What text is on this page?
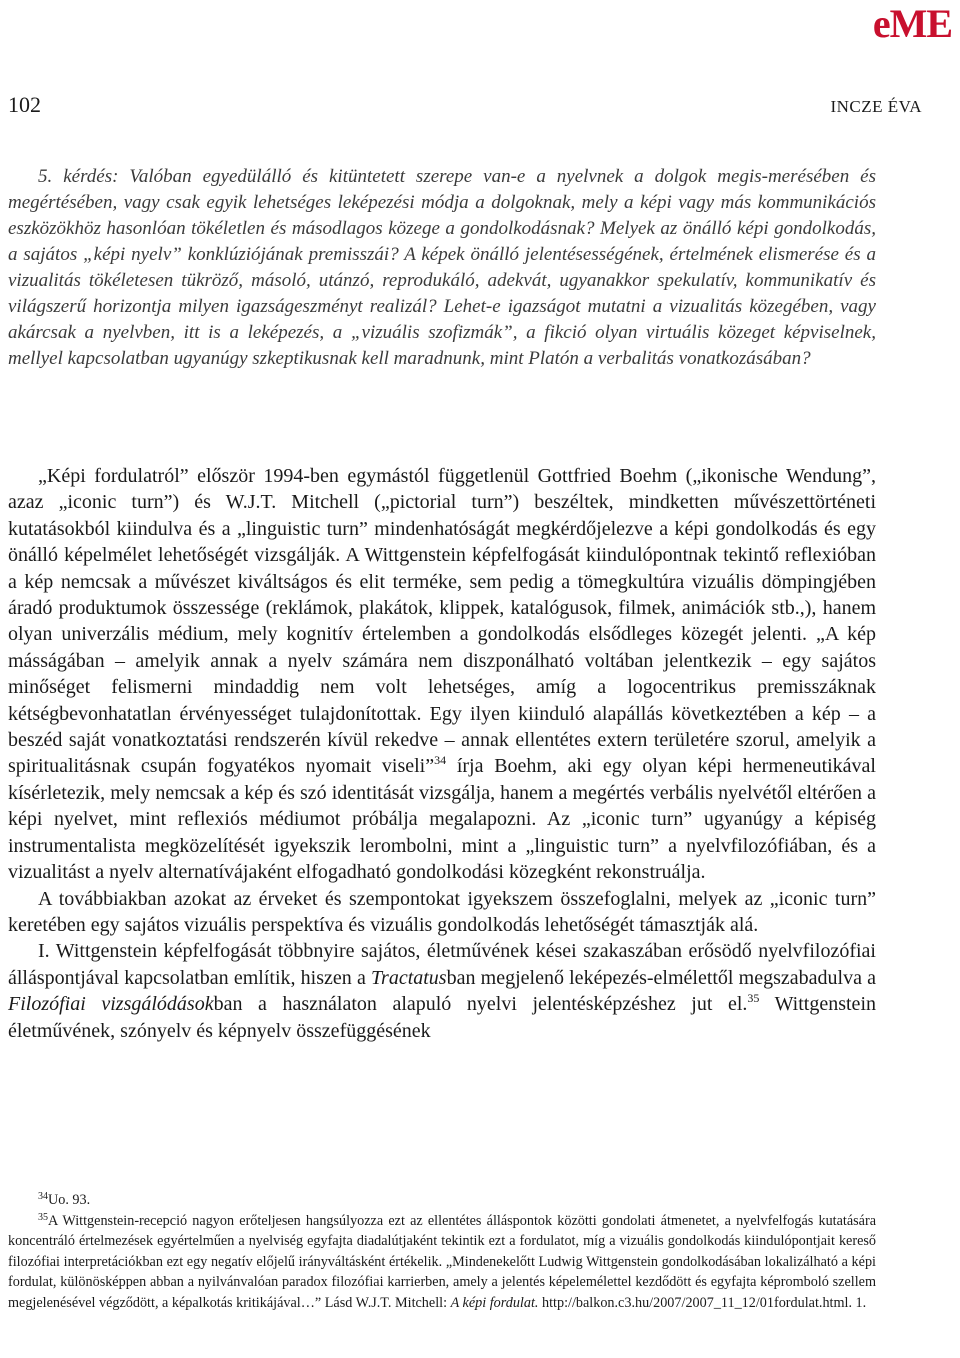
eME
102	INCZE ÉVA

5. kérdés: Valóban egyedülálló és kitüntetett szerepe van-e a nyelvnek a dolgok megis-merésében és megértésében, vagy csak egyik lehetséges leképezési módja a dolgoknak, mely a képi vagy más kommunikációs eszközökhöz hasonlóan tökéletlen és másodlagos közege a gondolkodásnak? Melyek az önálló képi gondolkodás, a sajátos „képi nyelv” konklúziójának premisszái? A képek önálló jelentésességének, értelmének elismerése és a vizualitás tökéletesen tükröző, másoló, utánzó, reprodukáló, adekvát, ugyanakkor spekulatív, kommunikatív és világszerű horizontja milyen igazságeszményt realizál? Lehet-e igazságot mutatni a vizualitás közegében, vagy akárcsak a nyelvben, itt is a leképezés, a „vizuális szofizmák”, a fikció olyan virtuális közeget képviselnek, mellyel kapcsolatban ugyanúgy szkeptikusnak kell maradnunk, mint Platón a verbalitás vonatkozásában?

„Képi fordulatról” először 1994-ben egymástól függetlenül Gottfried Boehm („ikonische Wendung”, azaz „iconic turn”) és W.J.T. Mitchell („pictorial turn”) beszéltek, mindketten művészettörténeti kutatásokból kiindulva és a „linguistic turn” mindenhatóságát megkérdőjelezve a képi gondolkodás és egy önálló képelmélet lehetőségét vizsgálják. A Wittgenstein képfelfogását kiindulópontnak tekintő reflexióban a kép nemcsak a művészet kiváltságos és elit terméke, sem pedig a tömegkultúra vizuális dömpingjében áradó produktumok összessége (reklámok, plakátok, klippek, katalógusok, filmek, animációk stb.,), hanem olyan univerzális médium, mely kognitív értelemben a gondolkodás elsődleges közegét jelenti. „A kép másságában – amelyik annak a nyelv számára nem diszponálható voltában jelentkezik – egy sajátos minőséget felismerni mindaddig nem volt lehetséges, amíg a logocentrikus premisszáknak kétségbevonhatatlan érvényességet tulajdonítottak. Egy ilyen kiinduló alapállás következtében a kép – a beszéd saját vonatkoztatási rendszerén kívül rekedve – annak ellentétes extern területére szorul, amelyik a spiritualitásnak csupán fogyatékos nyomait viseli”$^{34}$ írja Boehm, aki egy olyan képi hermeneutikával kísérletezik, mely nemcsak a kép és szó identitását vizsgálja, hanem a megértés verbális nyelvétől eltérően a képi nyelvet, mint reflexiós médiumot próbálja megalapozni. Az „iconic turn” ugyanúgy a képiség instrumentalista megközelítését igyekszik lerombolni, mint a „linguistic turn” a nyelvfilozófiában, és a vizualitást a nyelv alternatívájaként elfogadható gondolkodási közegként rekonstruálja.

A továbbiakban azokat az érveket és szempontokat igyekszem összefoglalni, melyek az „iconic turn” keretében egy sajátos vizuális perspektíva és vizuális gondolkodás lehetőségét támasztják alá.

I. Wittgenstein képfelfogását többnyire sajátos, életművének kései szakaszában erősödő nyelvfilozófiai álláspontjával kapcsolatban említik, hiszen a Tractatusban megjelenő leképezés-elmélettől megszabadulva a Filozófiai vizsgálódásokban a használaton alapuló nyelvi jelentésképzéshez jut el.$^{35}$ Wittgenstein életművének, szónyelv és képnyelv összefüggésének

$^{34}$Uo. 93.

$^{35}$A Wittgenstein-recepció nagyon erőteljesen hangsúlyozza ezt az ellentétes álláspontok közötti gondolati átmenetet, a nyelvfelfogás kutatására koncentráló értelmezések egyértelműen a nyelviség egyfajta diadalútjaként tekintik ezt a fordulatot, míg a vizuális gondolkodás kiindulópontjait kereső filozófiai interpretációkban ezt egy negatív előjelű irányváltásként értékelik. „Mindenekelőtt Ludwig Wittgenstein gondolkodásában lokalizálható a képi fordulat, különösképpen abban a nyilvánvalóan paradox filozófiai karrierben, amely a jelentés képelemélettel kezdődött és egyfajta képromboló szellem megjelenésével végződött, a képalkotás kritikájával…” Lásd W.J.T. Mitchell: A képi fordulat. http://balkon.c3.hu/2007/2007_11_12/01fordulat.html. 1.
